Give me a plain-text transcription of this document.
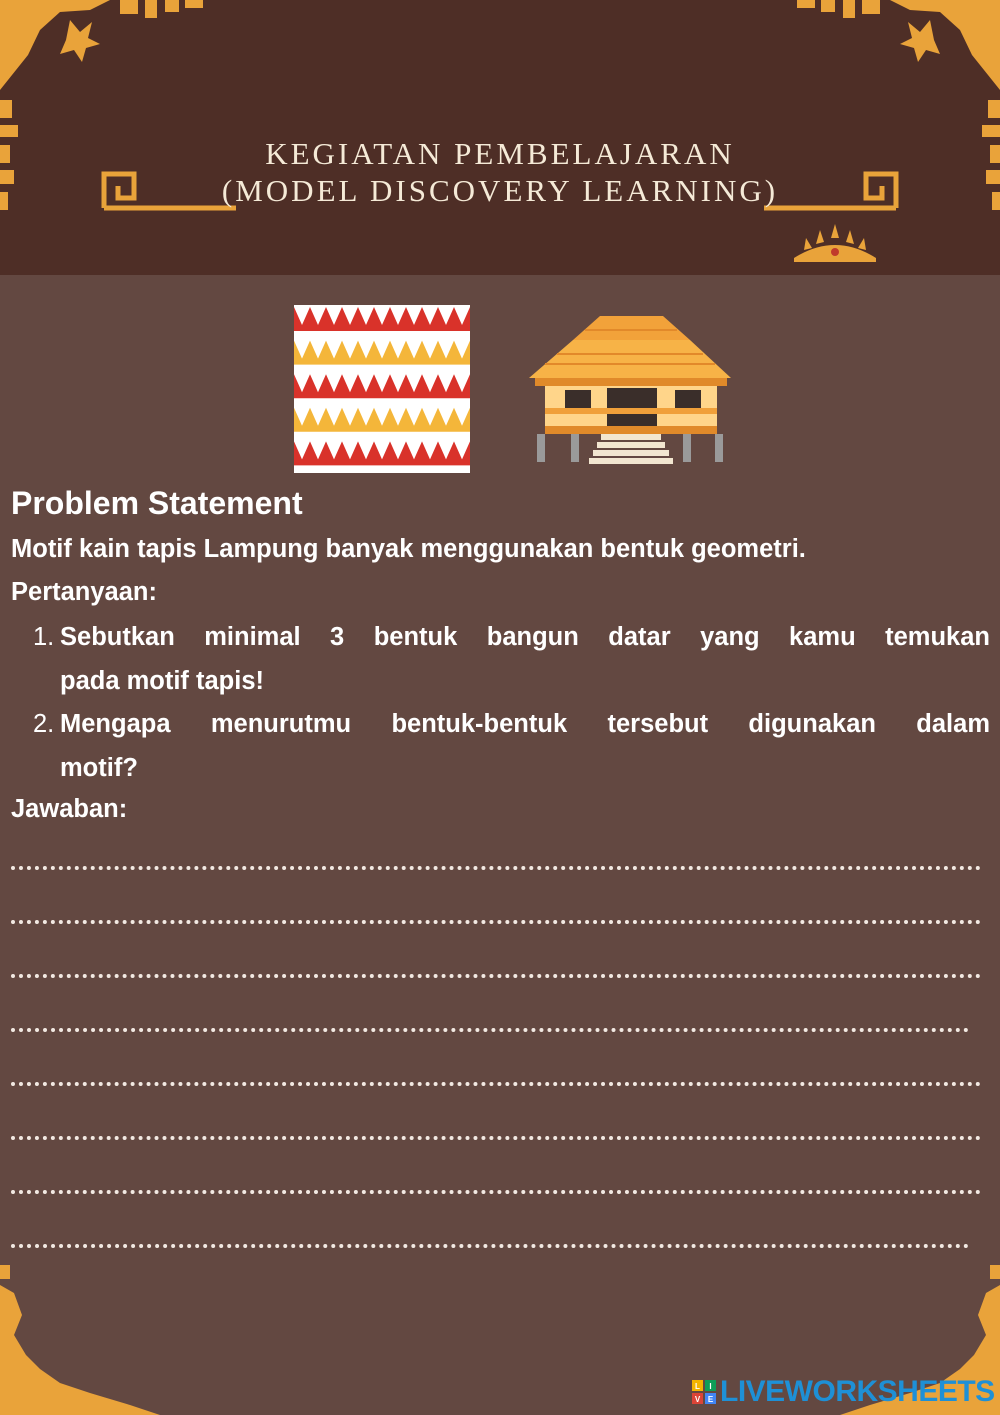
KEGIATAN PEMBELAJARAN
(MODEL DISCOVERY LEARNING)
Problem Statement
Motif kain tapis Lampung banyak menggunakan bentuk geometri.
Pertanyaan:
1. Sebutkan minimal 3 bentuk bangun datar yang kamu temukan
pada motif tapis!
2. Mengapa menurutmu bentuk-bentuk tersebut digunakan dalam
motif?
Jawaban:
L I
V E LIVEWORKSHEETS
